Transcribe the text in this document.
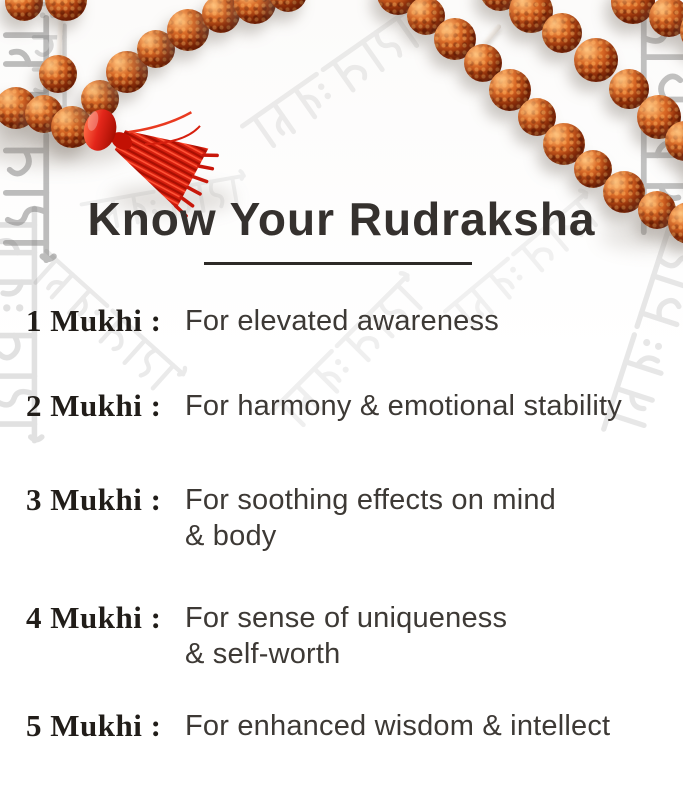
Know Your Rudraksha
1 Mukhi : For elevated awareness
2 Mukhi : For harmony & emotional stability
3 Mukhi : For soothing effects on mind
& body
4 Mukhi : For sense of uniqueness
& self-worth
5 Mukhi : For enhanced wisdom & intellect
